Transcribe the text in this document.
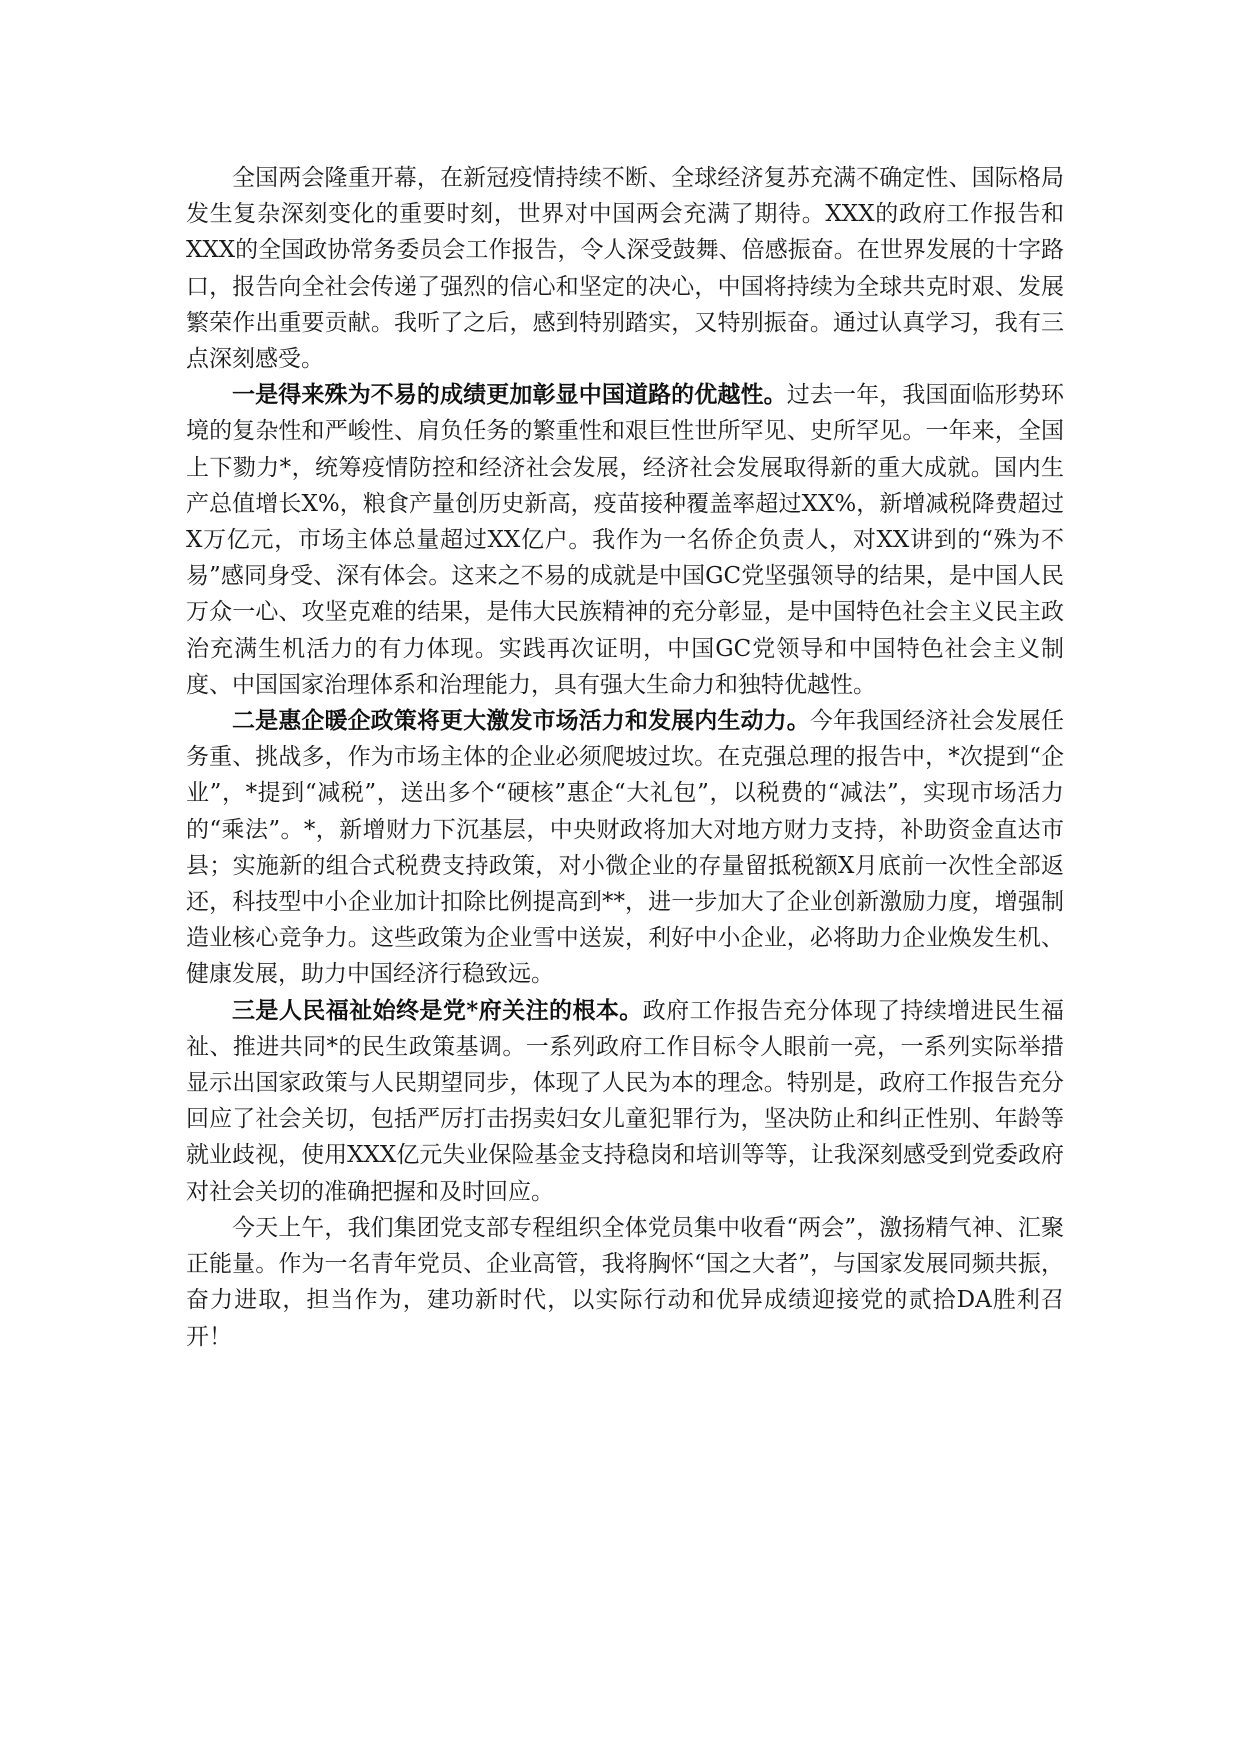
全国两会隆重开幕，在新冠疫情持续不断、全球经济复苏充满不确定性、国际格局发生复杂深刻变化的重要时刻，世界对中国两会充满了期待。XXX的政府工作报告和XXX的全国政协常务委员会工作报告，令人深受鼓舞、倍感振奋。在世界发展的十字路口，报告向全社会传递了强烈的信心和坚定的决心，中国将持续为全球共克时艰、发展繁荣作出重要贡献。我听了之后，感到特别踏实，又特别振奋。通过认真学习，我有三点深刻感受。

一是得来殊为不易的成绩更加彰显中国道路的优越性。过去一年，我国面临形势环境的复杂性和严峻性、肩负任务的繁重性和艰巨性世所罕见、史所罕见。一年来，全国上下勠力*，统筹疫情防控和经济社会发展，经济社会发展取得新的重大成就。国内生产总值增长X%，粮食产量创历史新高，疫苗接种覆盖率超过XX%，新增减税降费超过X万亿元，市场主体总量超过XX亿户。我作为一名侨企负责人，对XX讲到的“殊为不易”感同身受、深有体会。这来之不易的成就是中国GC党坚强领导的结果，是中国人民万众一心、攻坚克难的结果，是伟大民族精神的充分彰显，是中国特色社会主义民主政治充满生机活力的有力体现。实践再次证明，中国GC党领导和中国特色社会主义制度、中国国家治理体系和治理能力，具有强大生命力和独特优越性。

二是惠企暖企政策将更大激发市场活力和发展内生动力。今年我国经济社会发展任务重、挑战多，作为市场主体的企业必须爬坡过坎。在克强总理的报告中，*次提到“企业”，*提到“减税”，送出多个“硬核”惠企“大礼包”，以税费的“减法”，实现市场活力的“乘法”。*，新增财力下沉基层，中央财政将加大对地方财力支持，补助资金直达市县；实施新的组合式税费支持政策，对小微企业的存量留抵税额X月底前一次性全部返还，科技型中小企业加计扣除比例提高到**，进一步加大了企业创新激励力度，增强制造业核心竞争力。这些政策为企业雪中送炭，利好中小企业，必将助力企业焕发生机、健康发展，助力中国经济行稳致远。

三是人民福祉始终是党*府关注的根本。政府工作报告充分体现了持续增进民生福祉、推进共同*的民生政策基调。一系列政府工作目标令人眼前一亮，一系列实际举措显示出国家政策与人民期望同步，体现了人民为本的理念。特别是，政府工作报告充分回应了社会关切，包括严厉打击拐卖妇女儿童犯罪行为，坚决防止和纠正性别、年龄等就业歧视，使用XXX亿元失业保险基金支持稳岗和培训等等，让我深刻感受到党委政府对社会关切的准确把握和及时回应。

今天上午，我们集团党支部专程组织全体党员集中收看“两会”，激扬精气神、汇聚正能量。作为一名青年党员、企业高管，我将胸怀“国之大者”，与国家发展同频共振，奋力进取，担当作为，建功新时代，以实际行动和优异成绩迎接党的贰拾DA胜利召开！
